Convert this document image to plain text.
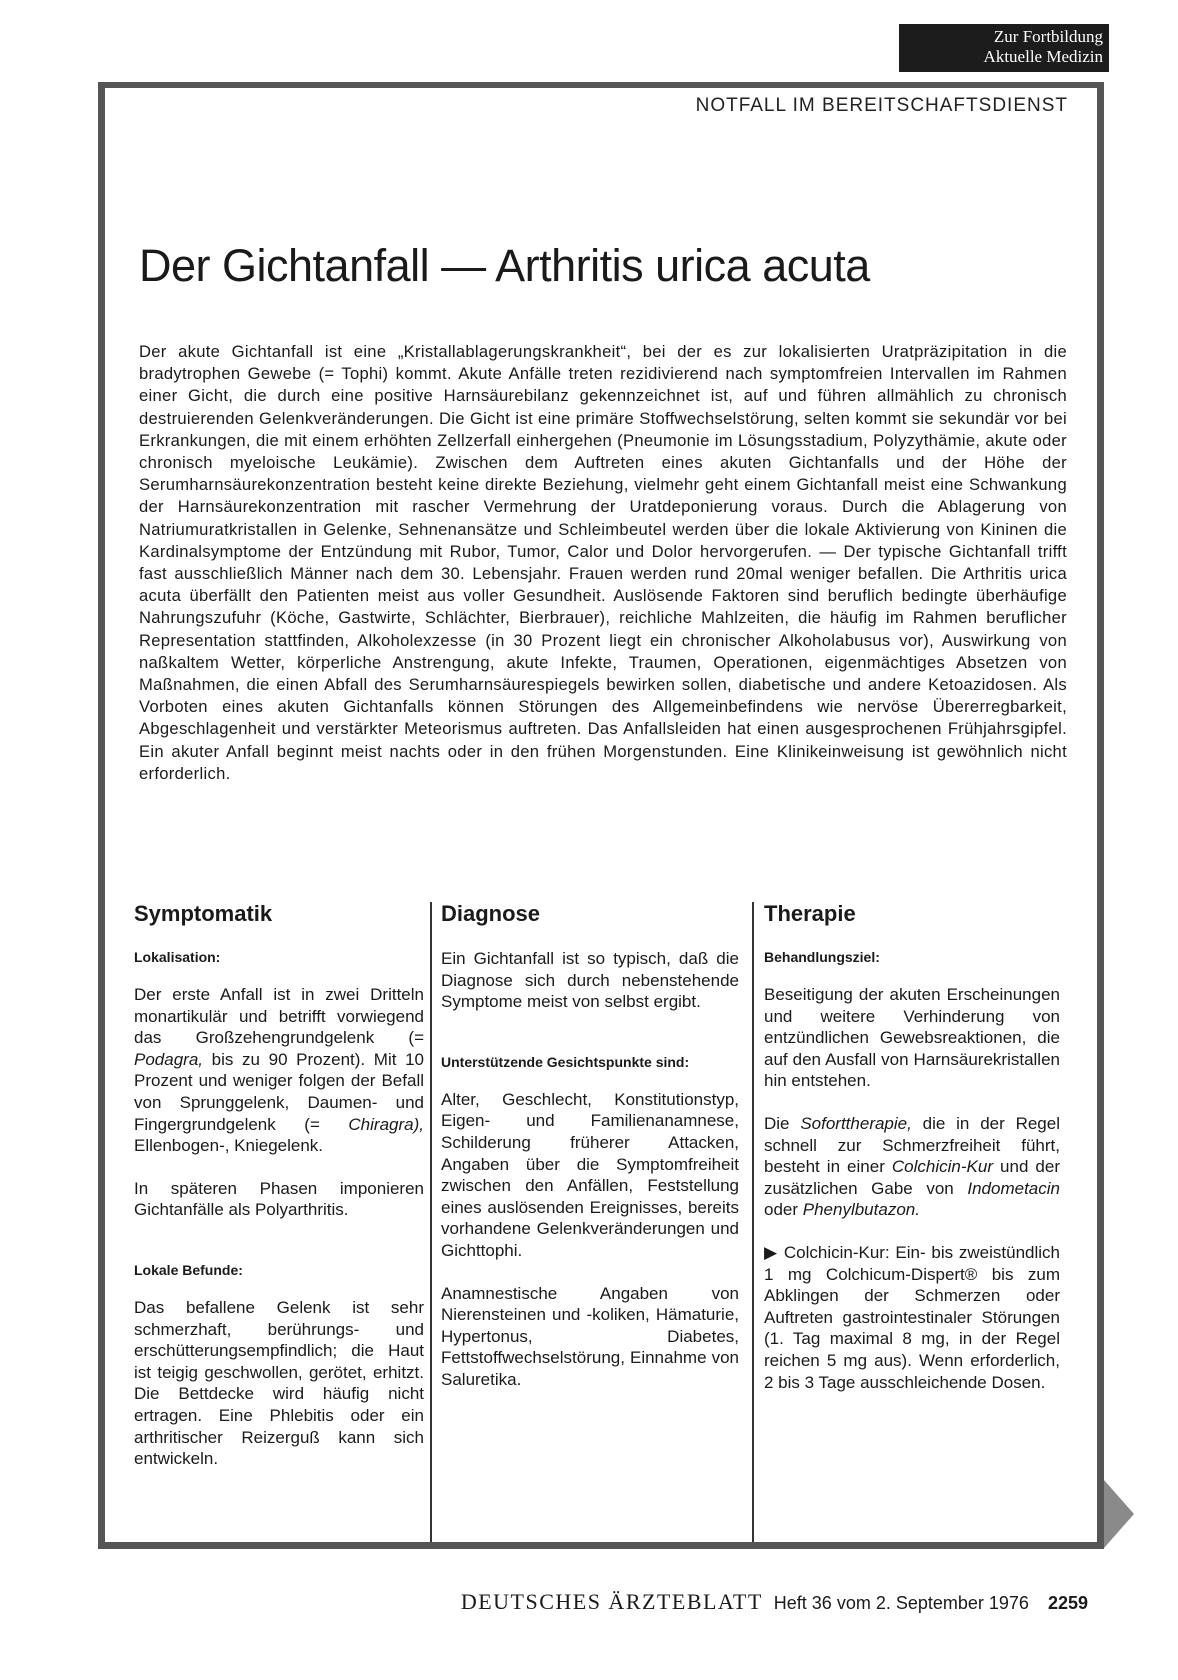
Zur Fortbildung
Aktuelle Medizin
NOTFALL IM BEREITSCHAFTSDIENST
Der Gichtanfall — Arthritis urica acuta

Der akute Gichtanfall ist eine „Kristallablagerungskrankheit“, bei der es zur lokalisierten Uratpräzipitation in die bradytrophen Gewebe (= Tophi) kommt. Akute Anfälle treten rezidivierend nach symptomfreien Intervallen im Rahmen einer Gicht, die durch eine positive Harnsäurebilanz gekennzeichnet ist, auf und führen allmählich zu chronisch destruierenden Gelenkveränderungen. Die Gicht ist eine primäre Stoffwechselstörung, selten kommt sie sekundär vor bei Erkrankungen, die mit einem erhöhten Zellzerfall einhergehen (Pneumonie im Lösungsstadium, Polyzythämie, akute oder chronisch myeloische Leukämie). Zwischen dem Auftreten eines akuten Gichtanfalls und der Höhe der Serumharnsäurekonzentration besteht keine direkte Beziehung, vielmehr geht einem Gichtanfall meist eine Schwankung der Harnsäurekonzentration mit rascher Vermehrung der Uratdeponierung voraus. Durch die Ablagerung von Natriumuratkristallen in Gelenke, Sehnenansätze und Schleimbeutel werden über die lokale Aktivierung von Kininen die Kardinalsymptome der Entzündung mit Rubor, Tumor, Calor und Dolor hervorgerufen. — Der typische Gichtanfall trifft fast ausschließlich Männer nach dem 30. Lebensjahr. Frauen werden rund 20mal weniger befallen. Die Arthritis urica acuta überfällt den Patienten meist aus voller Gesundheit. Auslösende Faktoren sind beruflich bedingte überhäufige Nahrungszufuhr (Köche, Gastwirte, Schlächter, Bierbrauer), reichliche Mahlzeiten, die häufig im Rahmen beruflicher Representation stattfinden, Alkoholexzesse (in 30 Prozent liegt ein chronischer Alkoholabusus vor), Auswirkung von naßkaltem Wetter, körperliche Anstrengung, akute Infekte, Traumen, Operationen, eigenmächtiges Absetzen von Maßnahmen, die einen Abfall des Serumharnsäurespiegels bewirken sollen, diabetische und andere Ketoazidosen. Als Vorboten eines akuten Gichtanfalls können Störungen des Allgemeinbefindens wie nervöse Übererregbarkeit, Abgeschlagenheit und verstärkter Meteorismus auftreten. Das Anfallsleiden hat einen ausgesprochenen Frühjahrsgipfel. Ein akuter Anfall beginnt meist nachts oder in den frühen Morgenstunden. Eine Klinikeinweisung ist gewöhnlich nicht erforderlich.

Symptomatik
Lokalisation:

Der erste Anfall ist in zwei Dritteln monartikulär und betrifft vorwiegend das Großzehengrundgelenk (= Podagra, bis zu 90 Prozent). Mit 10 Prozent und weniger folgen der Befall von Sprunggelenk, Daumen- und Fingergrundgelenk (= Chiragra), Ellenbogen-, Kniegelenk.

In späteren Phasen imponieren Gichtanfälle als Polyarthritis.

Lokale Befunde:

Das befallene Gelenk ist sehr schmerzhaft, berührungs- und erschütterungsempfindlich; die Haut ist teigig geschwollen, gerötet, erhitzt. Die Bettdecke wird häufig nicht ertragen. Eine Phlebitis oder ein arthritischer Reizerguß kann sich entwickeln.

Diagnose

Ein Gichtanfall ist so typisch, daß die Diagnose sich durch nebenstehende Symptome meist von selbst ergibt.

Unterstützende Gesichtspunkte sind:

Alter, Geschlecht, Konstitutionstyp, Eigen- und Familienanamnese, Schilderung früherer Attacken, Angaben über die Symptomfreiheit zwischen den Anfällen, Feststellung eines auslösenden Ereignisses, bereits vorhandene Gelenkveränderungen und Gichttophi.

Anamnestische Angaben von Nierensteinen und -koliken, Hämaturie, Hypertonus, Diabetes, Fettstoffwechselstörung, Einnahme von Saluretika.

Therapie
Behandlungsziel:

Beseitigung der akuten Erscheinungen und weitere Verhinderung von entzündlichen Gewebsreaktionen, die auf den Ausfall von Harnsäurekristallen hin entstehen.

Die Soforttherapie, die in der Regel schnell zur Schmerzfreiheit führt, besteht in einer Colchicin-Kur und der zusätzlichen Gabe von Indometacin oder Phenylbutazon.

▶ Colchicin-Kur: Ein- bis zweistündlich 1 mg Colchicum-Dispert® bis zum Abklingen der Schmerzen oder Auftreten gastrointestinaler Störungen (1. Tag maximal 8 mg, in der Regel reichen 5 mg aus). Wenn erforderlich, 2 bis 3 Tage ausschleichende Dosen.

DEUTSCHES ÄRZTEBLATT Heft 36 vom 2. September 1976 2259
